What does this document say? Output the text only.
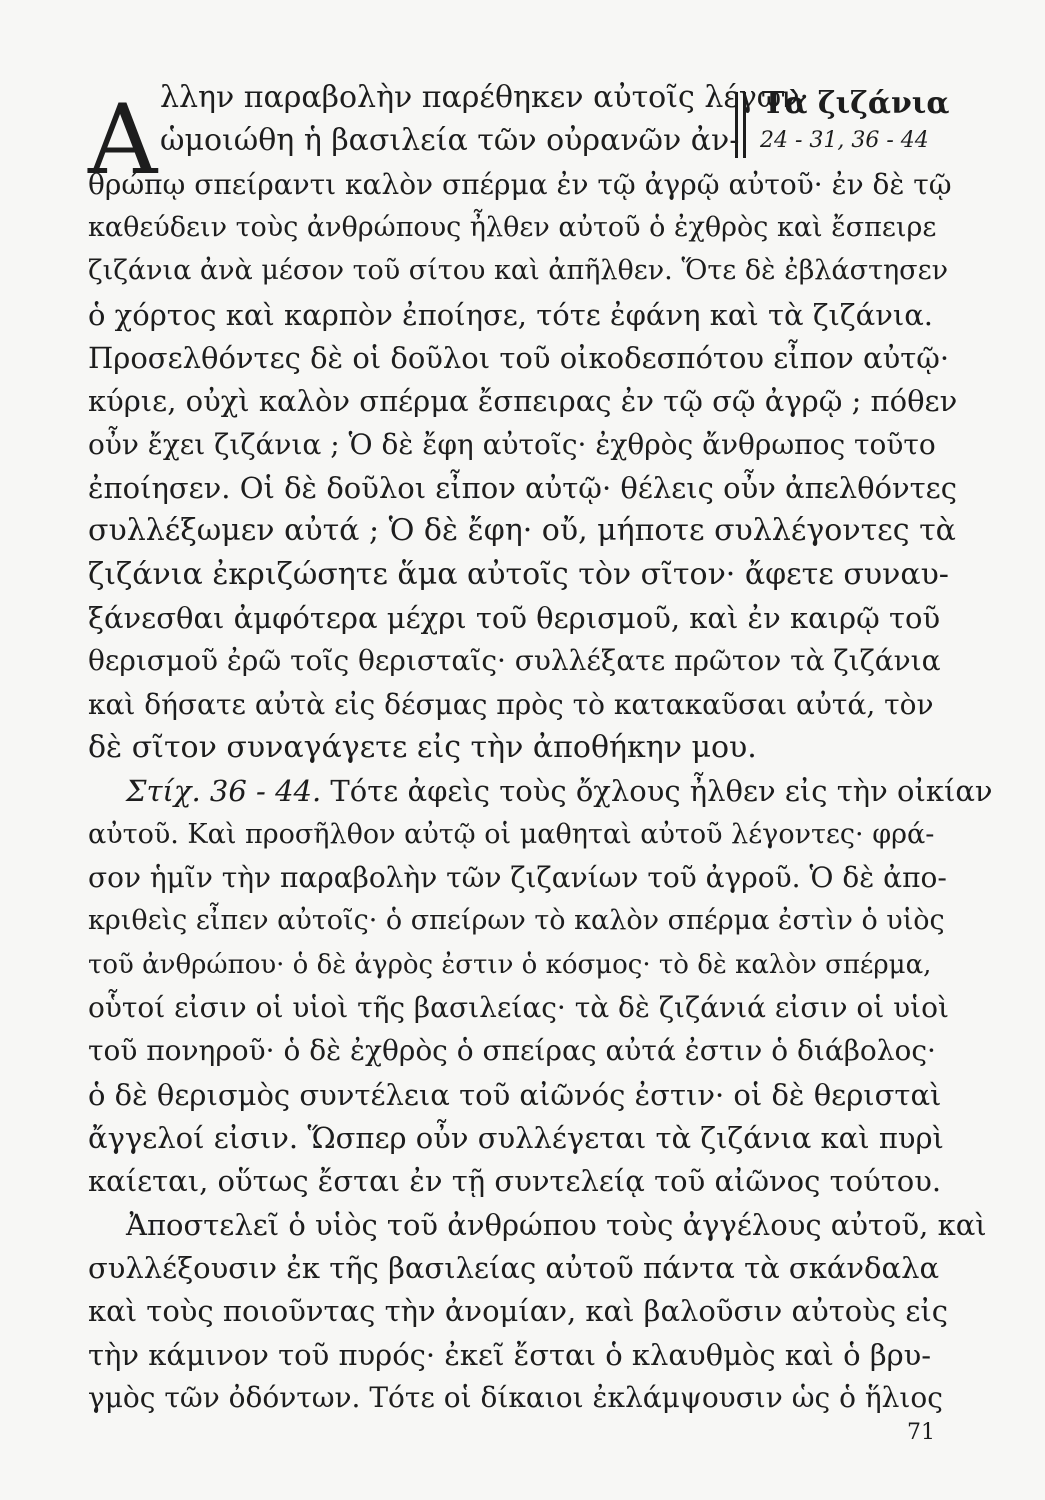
Α	Τὰ ζιζάνια
24 - 31, 36 - 44
λλην παραβολὴν παρέθηκεν αὐτοῖς λέγων·
ὡμοιώθη ἡ βασιλεία τῶν οὐρανῶν ἀν-
θρώπῳ σπείραντι καλὸν σπέρμα ἐν τῷ ἀγρῷ αὐτοῦ· ἐν δὲ τῷ
καθεύδειν τοὺς ἀνθρώπους ἦλθεν αὐτοῦ ὁ ἐχθρὸς καὶ ἔσπειρε
ζιζάνια ἀνὰ μέσον τοῦ σίτου καὶ ἀπῆλθεν. Ὅτε δὲ ἐβλάστησεν
ὁ χόρτος καὶ καρπὸν ἐποίησε, τότε ἐφάνη καὶ τὰ ζιζάνια.
Προσελθόντες δὲ οἱ δοῦλοι τοῦ οἰκοδεσπότου εἶπον αὐτῷ·
κύριε, οὐχὶ καλὸν σπέρμα ἔσπειρας ἐν τῷ σῷ ἀγρῷ ; πόθεν
οὖν ἔχει ζιζάνια ; Ὁ δὲ ἔφη αὐτοῖς· ἐχθρὸς ἄνθρωπος τοῦτο
ἐποίησεν. Οἱ δὲ δοῦλοι εἶπον αὐτῷ· θέλεις οὖν ἀπελθόντες
συλλέξωμεν αὐτά ; Ὁ δὲ ἔφη· οὔ, μήποτε συλλέγοντες τὰ
ζιζάνια ἐκριζώσητε ἅμα αὐτοῖς τὸν σῖτον· ἄφετε συναυ-
ξάνεσθαι ἀμφότερα μέχρι τοῦ θερισμοῦ, καὶ ἐν καιρῷ τοῦ
θερισμοῦ ἐρῶ τοῖς θερισταῖς· συλλέξατε πρῶτον τὰ ζιζάνια
καὶ δήσατε αὐτὰ εἰς δέσμας πρὸς τὸ κατακαῦσαι αὐτά, τὸν
δὲ σῖτον συναγάγετε εἰς τὴν ἀποθήκην μου.
Στίχ. 36 - 44. Τότε ἀφεὶς τοὺς ὄχλους ἦλθεν εἰς τὴν οἰκίαν
αὐτοῦ. Καὶ προσῆλθον αὐτῷ οἱ μαθηταὶ αὐτοῦ λέγοντες· φρά-
σον ἡμῖν τὴν παραβολὴν τῶν ζιζανίων τοῦ ἀγροῦ. Ὁ δὲ ἀπο-
κριθεὶς εἶπεν αὐτοῖς· ὁ σπείρων τὸ καλὸν σπέρμα ἐστὶν ὁ υἱὸς
τοῦ ἀνθρώπου· ὁ δὲ ἀγρὸς ἐστιν ὁ κόσμος· τὸ δὲ καλὸν σπέρμα,
οὗτοί εἰσιν οἱ υἱοὶ τῆς βασιλείας· τὰ δὲ ζιζάνιά εἰσιν οἱ υἱοὶ
τοῦ πονηροῦ· ὁ δὲ ἐχθρὸς ὁ σπείρας αὐτά ἐστιν ὁ διάβολος·
ὁ δὲ θερισμὸς συντέλεια τοῦ αἰῶνός ἐστιν· οἱ δὲ θερισταὶ
ἄγγελοί εἰσιν. Ὥσπερ οὖν συλλέγεται τὰ ζιζάνια καὶ πυρὶ
καίεται, οὕτως ἔσται ἐν τῇ συντελείᾳ τοῦ αἰῶνος τούτου.
Ἀποστελεῖ ὁ υἱὸς τοῦ ἀνθρώπου τοὺς ἀγγέλους αὐτοῦ, καὶ
συλλέξουσιν ἐκ τῆς βασιλείας αὐτοῦ πάντα τὰ σκάνδαλα
καὶ τοὺς ποιοῦντας τὴν ἀνομίαν, καὶ βαλοῦσιν αὐτοὺς εἰς
τὴν κάμινον τοῦ πυρός· ἐκεῖ ἔσται ὁ κλαυθμὸς καὶ ὁ βρυ-
γμὸς τῶν ὀδόντων. Τότε οἱ δίκαιοι ἐκλάμψουσιν ὡς ὁ ἥλιος
71
